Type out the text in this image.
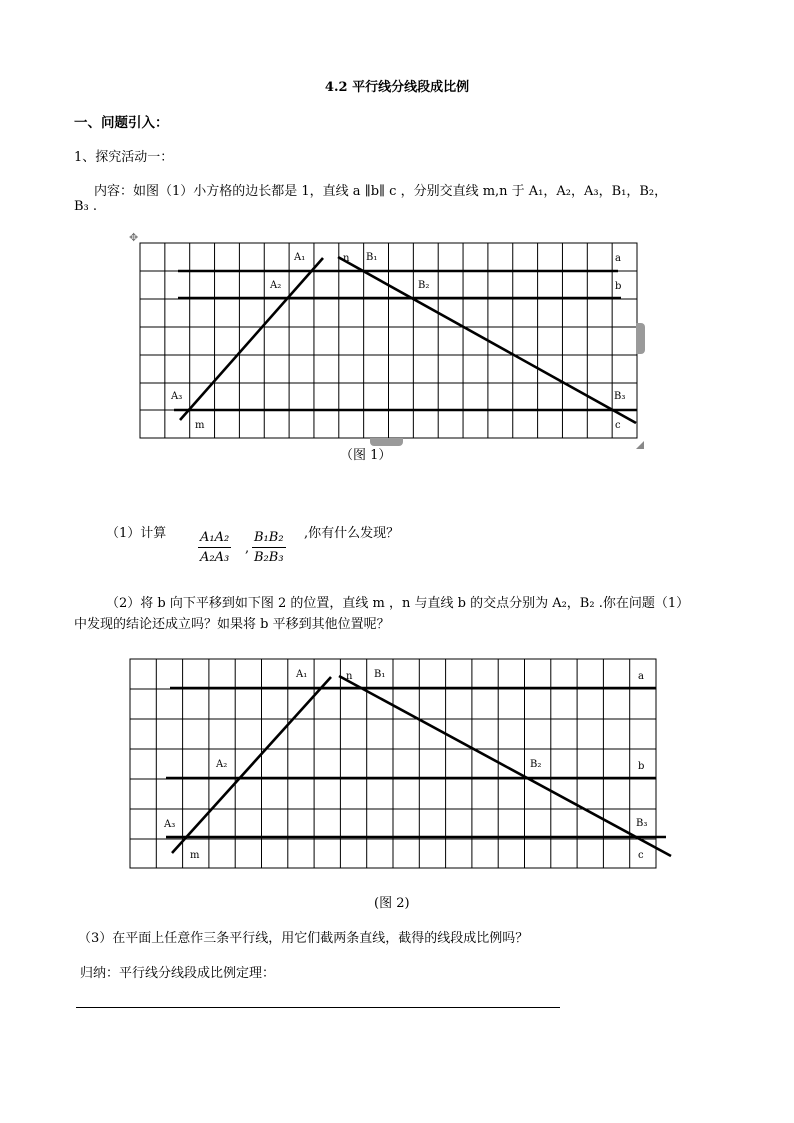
4.2 平行线分线段成比例
一、问题引入：
1、探究活动一：
内容：如图（1）小方格的边长都是 1，直线 a ∥b∥ c ，分别交直线 m,n 于 A₁，A₂，A₃，B₁，B₂，
B₃ .
✥
A₁	n B₁	a
A₂	B₂	b
A₃	B₃
m	c
（图 1）
（1）计算 $\frac{\text{A₁A₂}}{\text{A₂A₃}}$ , $\frac{\text{B₁B₂}}{\text{B₂B₃}}$ ,你有什么发现？
（2）将 b 向下平移到如下图 2 的位置，直线 m ，n 与直线 b 的交点分别为 A₂，B₂ .你在问题（1）
中发现的结论还成立吗？如果将 b 平移到其他位置呢？
A₁	n B₁	a
A₂	B₂	b
A₃	B₃
m	c
(图 2)
（3）在平面上任意作三条平行线，用它们截两条直线，截得的线段成比例吗？
归纳：平行线分线段成比例定理：
